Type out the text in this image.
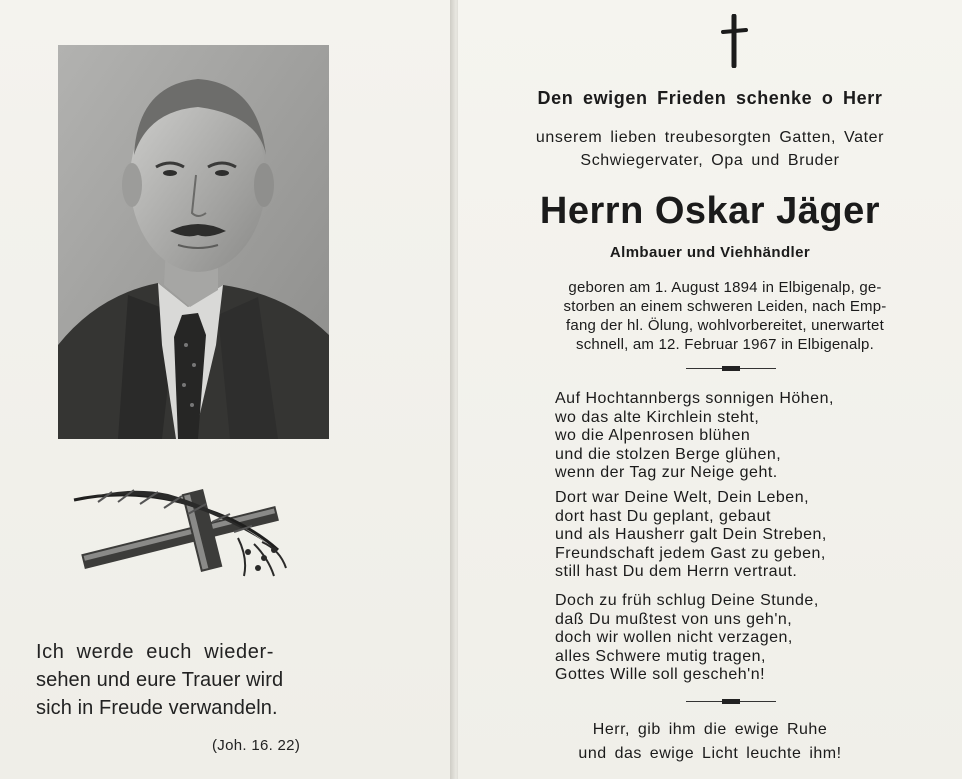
Ich werde euch wieder-
sehen und eure Trauer wird
sich in Freude verwandeln.
(Joh. 16. 22)
Den ewigen Frieden schenke o Herr
unserem lieben treubesorgten Gatten, Vater
Schwiegervater, Opa und Bruder
Herrn Oskar Jäger
Almbauer und Viehhändler
geboren am 1. August 1894 in Elbigenalp, ge-
storben an einem schweren Leiden, nach Emp-
fang der hl. Ölung, wohlvorbereitet, unerwartet
schnell, am 12. Februar 1967 in Elbigenalp.
Auf Hochtannbergs sonnigen Höhen,
wo das alte Kirchlein steht,
wo die Alpenrosen blühen
und die stolzen Berge glühen,
wenn der Tag zur Neige geht.
Dort war Deine Welt, Dein Leben,
dort hast Du geplant, gebaut
und als Hausherr galt Dein Streben,
Freundschaft jedem Gast zu geben,
still hast Du dem Herrn vertraut.
Doch zu früh schlug Deine Stunde,
daß Du mußtest von uns geh'n,
doch wir wollen nicht verzagen,
alles Schwere mutig tragen,
Gottes Wille soll gescheh'n!
Herr, gib ihm die ewige Ruhe
und das ewige Licht leuchte ihm!
